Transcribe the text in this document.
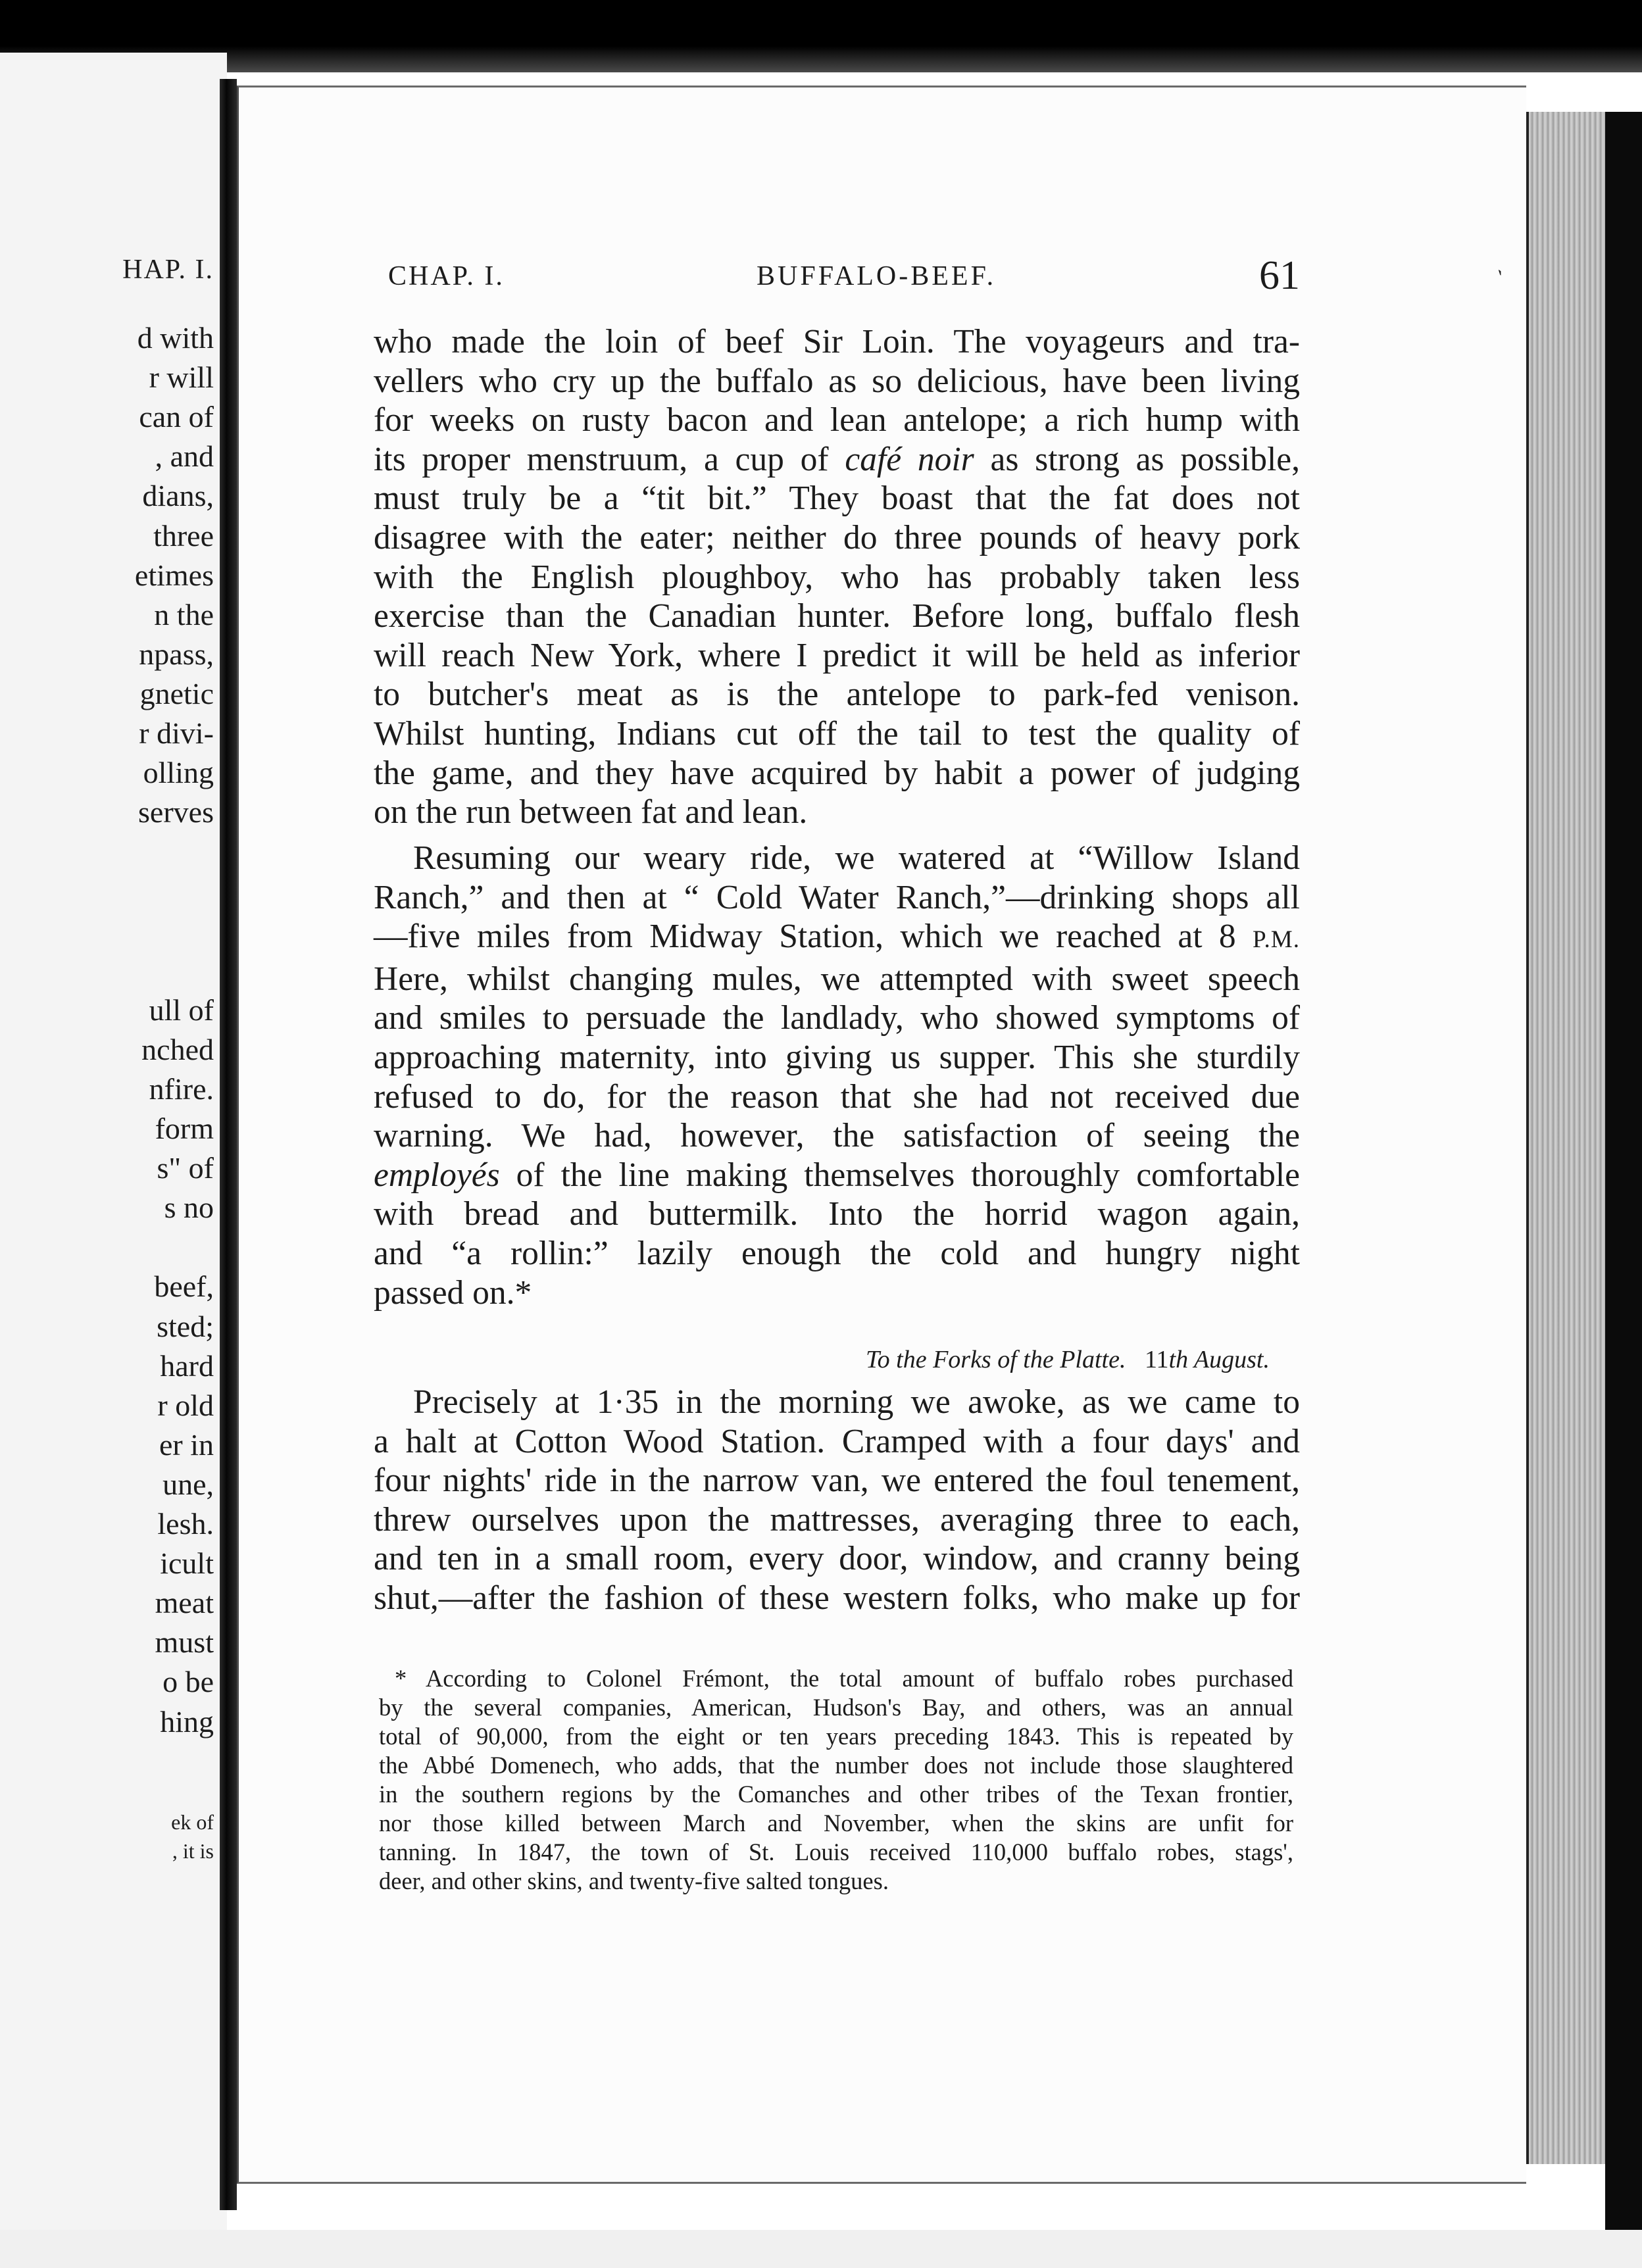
HAP. I.
d with
r will
can of
, and
dians,
three
etimes
n the
npass,
gnetic
r divi-
olling
serves
ull of
nched
nfire.
form
s" of
s no
beef,
sted;
hard
r old
er in
une,
lesh.
icult
meat
must
o be
hing
ek of
, it is
CHAP. I.	BUFFALO-BEEF.	61	`
who made the loin of beef Sir Loin. The voyageurs and tra-
vellers who cry up the buffalo as so delicious, have been living
for weeks on rusty bacon and lean antelope; a rich hump with
its proper menstruum, a cup of café noir as strong as possible,
must truly be a “tit bit.” They boast that the fat does not
disagree with the eater; neither do three pounds of heavy pork
with the English ploughboy, who has probably taken less
exercise than the Canadian hunter. Before long, buffalo flesh
will reach New York, where I predict it will be held as inferior
to butcher's meat as is the antelope to park-fed venison.
Whilst hunting, Indians cut off the tail to test the quality of
the game, and they have acquired by habit a power of judging
on the run between fat and lean.
Resuming our weary ride, we watered at “Willow Island
Ranch,” and then at “ Cold Water Ranch,”—drinking shops all
—five miles from Midway Station, which we reached at 8 P.M.
Here, whilst changing mules, we attempted with sweet speech
and smiles to persuade the landlady, who showed symptoms of
approaching maternity, into giving us supper. This she sturdily
refused to do, for the reason that she had not received due
warning. We had, however, the satisfaction of seeing the
employés of the line making themselves thoroughly comfortable
with bread and buttermilk. Into the horrid wagon again,
and “a rollin:” lazily enough the cold and hungry night
passed on.*
To the Forks of the Platte. 11th August.
Precisely at 1·35 in the morning we awoke, as we came to
a halt at Cotton Wood Station. Cramped with a four days' and
four nights' ride in the narrow van, we entered the foul tenement,
threw ourselves upon the mattresses, averaging three to each,
and ten in a small room, every door, window, and cranny being
shut,—after the fashion of these western folks, who make up for
* According to Colonel Frémont, the total amount of buffalo robes purchased
by the several companies, American, Hudson's Bay, and others, was an annual
total of 90,000, from the eight or ten years preceding 1843. This is repeated by
the Abbé Domenech, who adds, that the number does not include those slaughtered
in the southern regions by the Comanches and other tribes of the Texan frontier,
nor those killed between March and November, when the skins are unfit for
tanning. In 1847, the town of St. Louis received 110,000 buffalo robes, stags',
deer, and other skins, and twenty-five salted tongues.
